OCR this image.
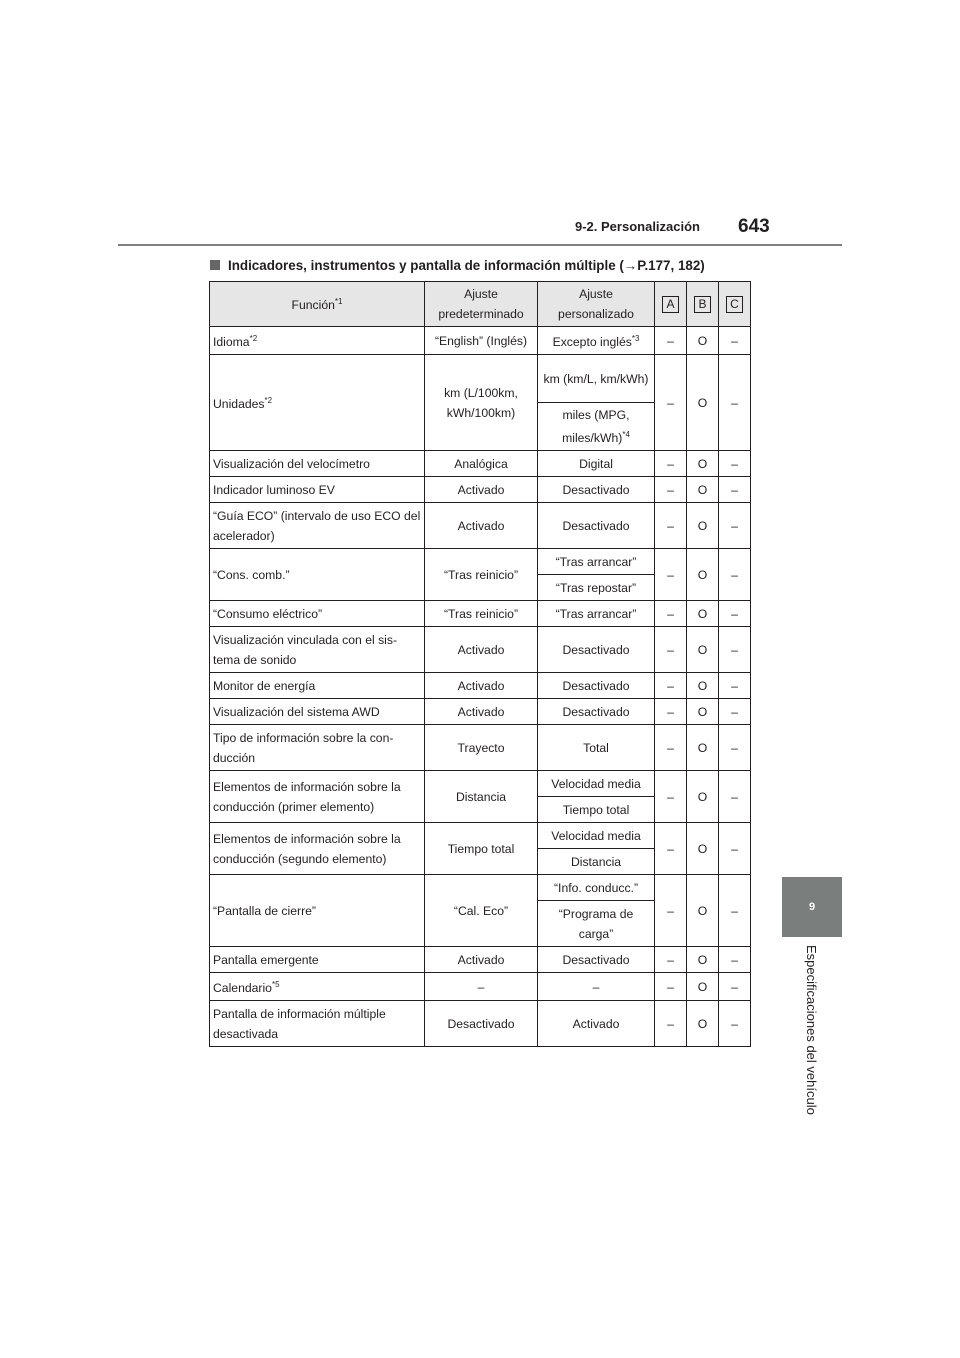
9-2. Personalización 643
9
Especificaciones del vehículo
Indicadores, instrumentos y pantalla de información múltiple (→P.177, 182)
Función$^{*1}$	Ajuste predeterminado	Ajuste personalizado	A	B	C
Idioma$^{*2}$	“English” (Inglés)	Excepto inglés$^{*3}$	–	O	–
Unidades$^{*2}$	km (L/100km, kWh/100km)	km (km/L, km/kWh)	–	O	–
		miles (MPG, miles/kWh)$^{*4}$
Visualización del velocímetro	Analógica	Digital	–	O	–
Indicador luminoso EV	Activado	Desactivado	–	O	–
“Guía ECO” (intervalo de uso ECO del acelerador)	Activado	Desactivado	–	O	–
“Cons. comb.”	“Tras reinicio”	“Tras arrancar”	–	O	–
		“Tras repostar”			
“Consumo eléctrico”	“Tras reinicio”	“Tras arrancar”	–	O	–
Visualización vinculada con el sis- tema de sonido	Activado	Desactivado	–	O	–
Monitor de energía	Activado	Desactivado	–	O	–
Visualización del sistema AWD	Activado	Desactivado	–	O	–
Tipo de información sobre la con- ducción	Trayecto	Total	–	O	–
Elementos de información sobre la conducción (primer elemento)	Distancia	Velocidad media	–	O	–
		Tiempo total			
Elementos de información sobre la conducción (segundo elemento)	Tiempo total	Velocidad media	–	O	–
		Distancia			
“Pantalla de cierre”	“Cal. Eco”	“Info. conducc.”	–	O	–
		“Programa de carga”			
Pantalla emergente	Activado	Desactivado	–	O	–
Calendario$^{*5}$	–	–	–	O	–
Pantalla de información múltiple desactivada	Desactivado	Activado	–	O	–
